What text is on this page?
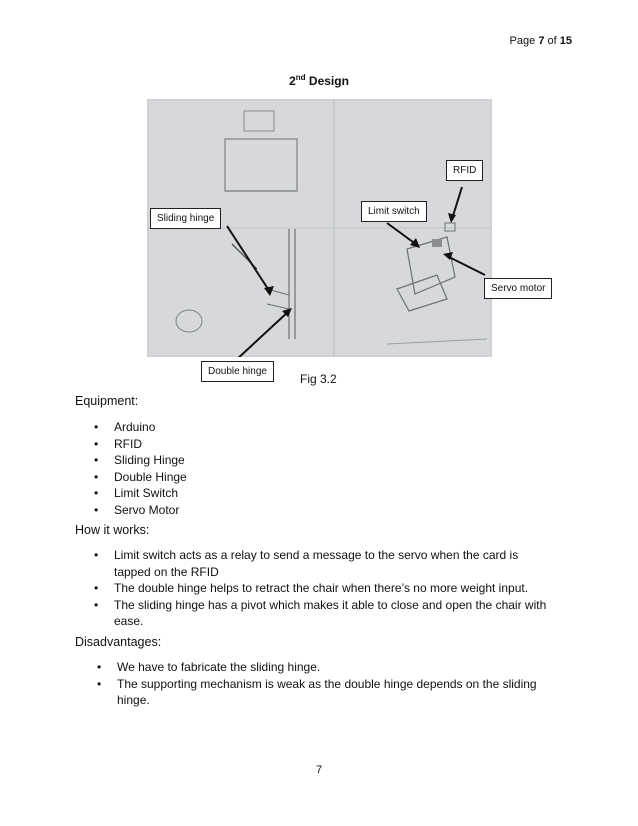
Page 7 of 15
2nd Design
RFID
Limit switch
Sliding hinge
Servo motor
Double hinge
Fig 3.2
Equipment:
• Arduino
• RFID
• Sliding Hinge
• Double Hinge
• Limit Switch
• Servo Motor
How it works:
• Limit switch acts as a relay to send a message to the servo when the card is tapped on the RFID
• The double hinge helps to retract the chair when there’s no more weight input.
• The sliding hinge has a pivot which makes it able to close and open the chair with ease.
Disadvantages:
• We have to fabricate the sliding hinge.
• The supporting mechanism is weak as the double hinge depends on the sliding hinge.
7
